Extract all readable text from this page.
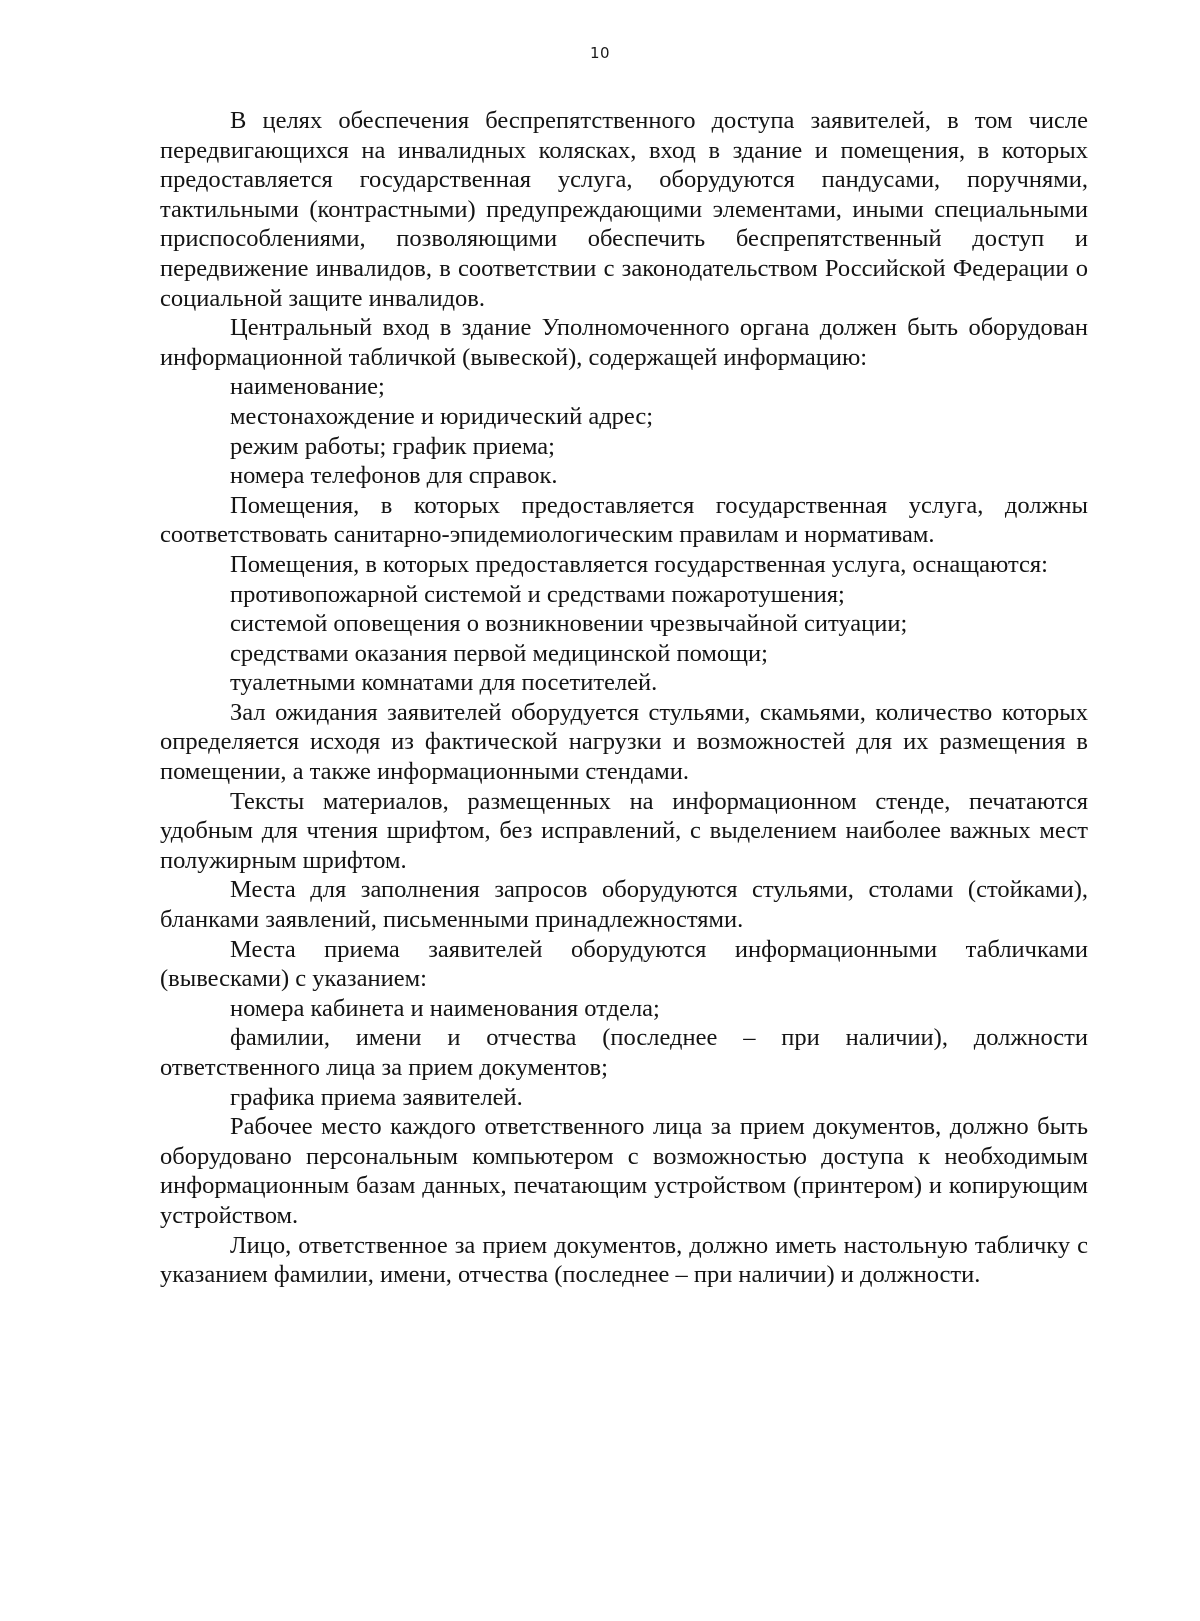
10

В целях обеспечения беспрепятственного доступа заявителей, в том числе передвигающихся на инвалидных колясках, вход в здание и помещения, в которых предоставляется государственная услуга, оборудуются пандусами, поручнями, тактильными (контрастными) предупреждающими элементами, иными специальными приспособлениями, позволяющими обеспечить беспрепятственный доступ и передвижение инвалидов, в соответствии с законодательством Российской Федерации о социальной защите инвалидов.

Центральный вход в здание Уполномоченного органа должен быть оборудован информационной табличкой (вывеской), содержащей информацию:

наименование;

местонахождение и юридический адрес;

режим работы; график приема;

номера телефонов для справок.

Помещения, в которых предоставляется государственная услуга, должны соответствовать санитарно-эпидемиологическим правилам и нормативам.

Помещения, в которых предоставляется государственная услуга, оснащаются:

противопожарной системой и средствами пожаротушения;

системой оповещения о возникновении чрезвычайной ситуации;

средствами оказания первой медицинской помощи;

туалетными комнатами для посетителей.

Зал ожидания заявителей оборудуется стульями, скамьями, количество которых определяется исходя из фактической нагрузки и возможностей для их размещения в помещении, а также информационными стендами.

Тексты материалов, размещенных на информационном стенде, печатаются удобным для чтения шрифтом, без исправлений, с выделением наиболее важных мест полужирным шрифтом.

Места для заполнения запросов оборудуются стульями, столами (стойками), бланками заявлений, письменными принадлежностями.

Места приема заявителей оборудуются информационными табличками (вывесками) с указанием:

номера кабинета и наименования отдела;

фамилии, имени и отчества (последнее – при наличии), должности ответственного лица за прием документов;

графика приема заявителей.

Рабочее место каждого ответственного лица за прием документов, должно быть оборудовано персональным компьютером с возможностью доступа к необходимым информационным базам данных, печатающим устройством (принтером) и копирующим устройством.

Лицо, ответственное за прием документов, должно иметь настольную табличку с указанием фамилии, имени, отчества (последнее – при наличии) и должности.
